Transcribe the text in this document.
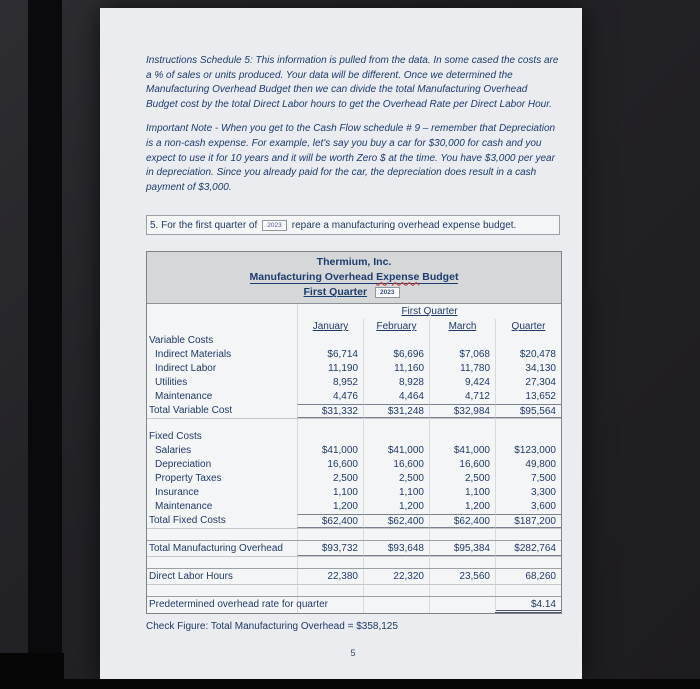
Instructions Schedule 5: This information is pulled from the data. In some cased the costs are a % of sales or units produced. Your data will be different. Once we determined the Manufacturing Overhead Budget then we can divide the total Manufacturing Overhead Budget cost by the total Direct Labor hours to get the Overhead Rate per Direct Labor Hour.

Important Note - When you get to the Cash Flow schedule # 9 – remember that Depreciation is a non-cash expense. For example, let's say you buy a car for $30,000 for cash and you expect to use it for 10 years and it will be worth Zero $ at the time. You have $3,000 per year in depreciation. Since you already paid for the car, the depreciation does result in a cash payment of $3,000.

5. For the first quarter of	2023	repare a manufacturing overhead expense budget.
Thermium, Inc.
Manufacturing Overhead Expense Budget
First Quarter 2023
First Quarter
January	February	March	Quarter
Variable Costs
Indirect Materials	$6,714	$6,696	$7,068	$20,478
Indirect Labor	11,190	11,160	11,780	34,130
Utilities	8,952	8,928	9,424	27,304
Maintenance	4,476	4,464	4,712	13,652
Total Variable Cost	$31,332	$31,248	$32,984	$95,564
Fixed Costs
Salaries	$41,000	$41,000	$41,000	$123,000
Depreciation	16,600	16,600	16,600	49,800
Property Taxes	2,500	2,500	2,500	7,500
Insurance	1,100	1,100	1,100	3,300
Maintenance	1,200	1,200	1,200	3,600
Total Fixed Costs	$62,400	$62,400	$62,400	$187,200
Total Manufacturing Overhead	$93,732	$93,648	$95,384	$282,764
Direct Labor Hours	22,380	22,320	23,560	68,260
Predetermined overhead rate for quarter	$4.14

Check Figure: Total Manufacturing Overhead = $358,125

5
